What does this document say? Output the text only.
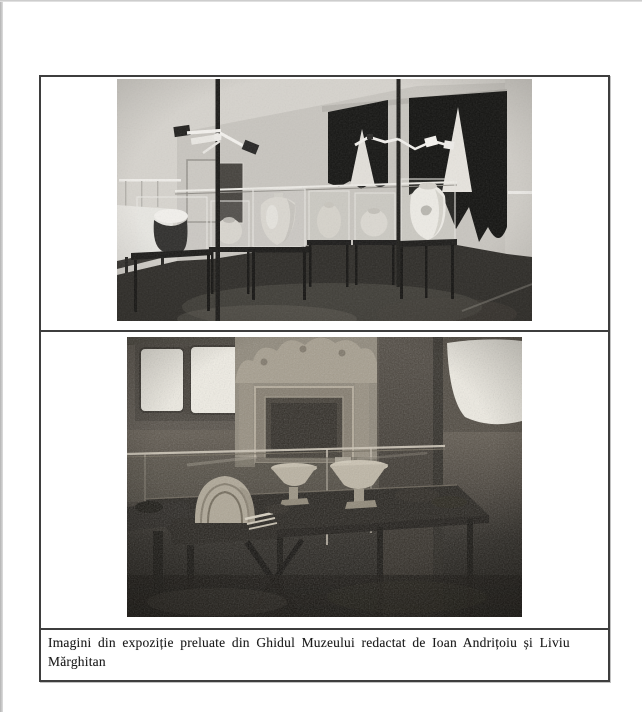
Imagini din expoziție preluate din Ghidul Muzeului redactat de Ioan Andrițoiu și Liviu
Mărghitan
